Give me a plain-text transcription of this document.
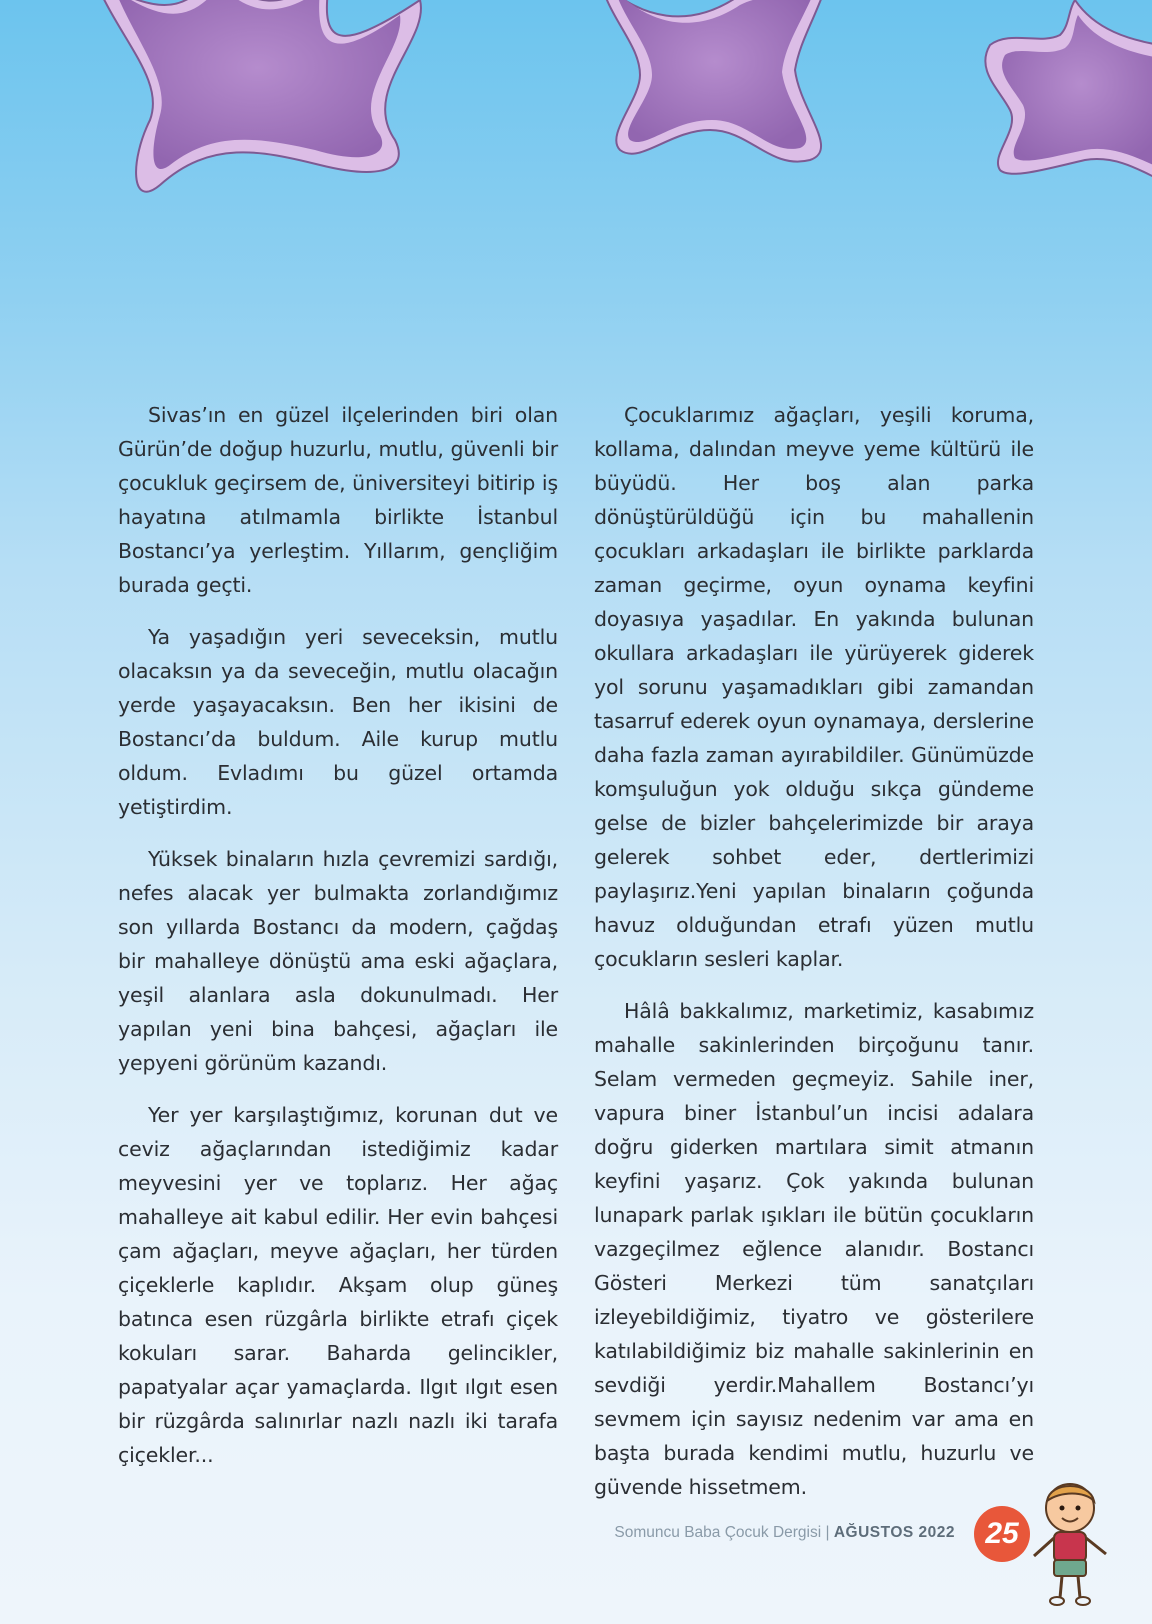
Sivas’ın en güzel ilçelerinden biri olan Gürün’de doğup huzurlu, mutlu, güvenli bir çocukluk geçirsem de, üniversiteyi bitirip iş hayatına atılmamla birlikte İstanbul Bostancı’ya yerleştim. Yıllarım, gençliğim burada geçti.

Ya yaşadığın yeri seveceksin, mutlu olacaksın ya da seveceğin, mutlu olacağın yerde yaşayacaksın. Ben her ikisini de Bostancı’da buldum. Aile kurup mutlu oldum. Evladımı bu güzel ortamda yetiştirdim.

Yüksek binaların hızla çevremizi sardığı, nefes alacak yer bulmakta zorlandığımız son yıllarda Bostancı da modern, çağdaş bir mahalleye dönüştü ama eski ağaçlara, yeşil alanlara asla dokunulmadı. Her yapılan yeni bina bahçesi, ağaçları ile yepyeni görünüm kazandı.

Yer yer karşılaştığımız, korunan dut ve ceviz ağaçlarından istediğimiz kadar meyvesini yer ve toplarız. Her ağaç mahalleye ait kabul edilir. Her evin bahçesi çam ağaçları, meyve ağaçları, her türden çiçeklerle kaplıdır. Akşam olup güneş batınca esen rüzgârla birlikte etrafı çiçek kokuları sarar. Baharda gelincikler, papatyalar açar yamaçlarda. Ilgıt ılgıt esen bir rüzgârda salınırlar nazlı nazlı iki tarafa çiçekler...

Çocuklarımız ağaçları, yeşili koruma, kollama, dalından meyve yeme kültürü ile büyüdü. Her boş alan parka dönüştürüldüğü için bu mahallenin çocukları arkadaşları ile birlikte parklarda zaman geçirme, oyun oynama keyfini doyasıya yaşadılar. En yakında bulunan okullara arkadaşları ile yürüyerek giderek yol sorunu yaşamadıkları gibi zamandan tasarruf ederek oyun oynamaya, derslerine daha fazla zaman ayırabildiler. Günümüzde komşuluğun yok olduğu sıkça gündeme gelse de bizler bahçelerimizde bir araya gelerek sohbet eder, dertlerimizi paylaşırız.Yeni yapılan binaların çoğunda havuz olduğundan etrafı yüzen mutlu çocukların sesleri kaplar.

Hâlâ bakkalımız, marketimiz, kasabımız mahalle sakinlerinden birçoğunu tanır. Selam vermeden geçmeyiz. Sahile iner, vapura biner İstanbul’un incisi adalara doğru giderken martılara simit atmanın keyfini yaşarız. Çok yakında bulunan lunapark parlak ışıkları ile bütün çocukların vazgeçilmez eğlence alanıdır. Bostancı Gösteri Merkezi tüm sanatçıları izleyebildiğimiz, tiyatro ve gösterilere katılabildiğimiz biz mahalle sakinlerinin en sevdiği yerdir.Mahallem Bostancı’yı sevmem için sayısız nedenim var ama en başta burada kendimi mutlu, huzurlu ve güvende hissetmem.

Somuncu Baba Çocuk Dergisi | AĞUSTOS 2022 25
